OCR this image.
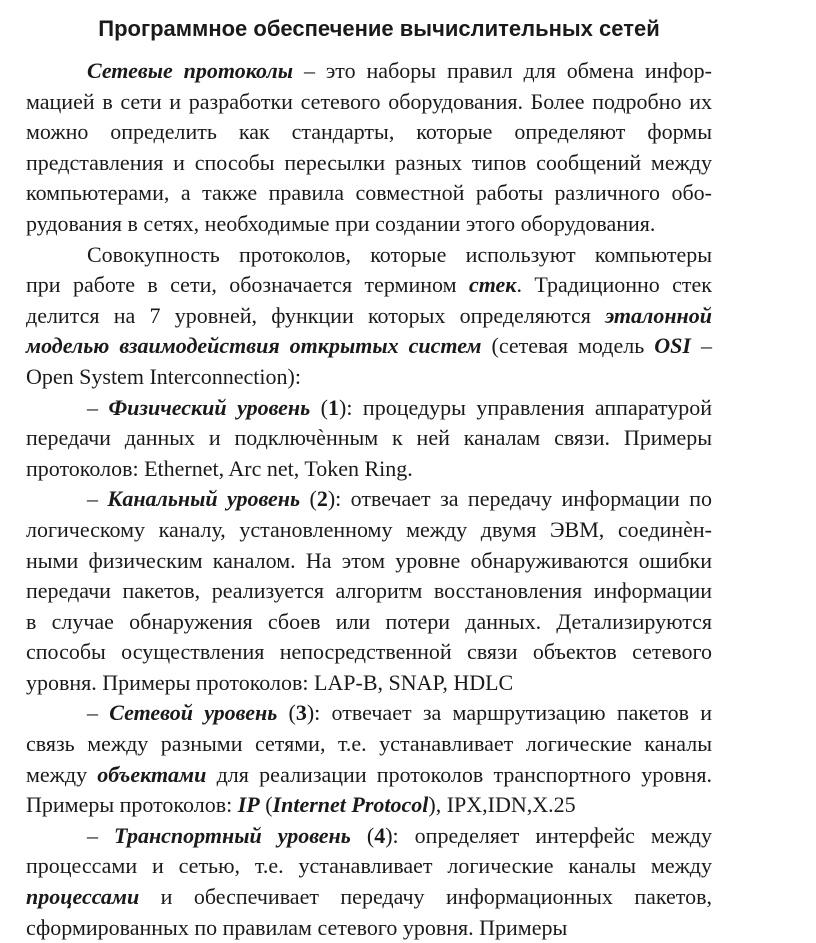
Программное обеспечение вычислительных сетей
Сетевые протоколы – это наборы правил для обмена инфор-
мацией в сети и разработки сетевого оборудования. Более подробно их
можно определить как стандарты, которые определяют формы
представления и способы пересылки разных типов сообщений между
компьютерами, а также правила совместной работы различного обо-
рудования в сетях, необходимые при создании этого оборудования.
Совокупность протоколов, которые используют компьютеры
при работе в сети, обозначается термином стек. Традиционно стек
делится на 7 уровней, функции которых определяются эталонной
моделью взаимодействия открытых систем (сетевая модель OSI –
Open System Interconnection):
– Физический уровень (1): процедуры управления аппаратурой
передачи данных и подключѐнным к ней каналам связи. Примеры
протоколов: Ethernet, Arc net, Token Ring.
– Канальный уровень (2): отвечает за передачу информации по
логическому каналу, установленному между двумя ЭВМ, соединѐн-
ными физическим каналом. На этом уровне обнаруживаются ошибки
передачи пакетов, реализуется алгоритм восстановления информации
в случае обнаружения сбоев или потери данных. Детализируются
способы осуществления непосредственной связи объектов сетевого
уровня. Примеры протоколов: LAP-B, SNAP, HDLC
– Сетевой уровень (3): отвечает за маршрутизацию пакетов и
связь между разными сетями, т.е. устанавливает логические каналы
между объектами для реализации протоколов транспортного уровня.
Примеры протоколов: IP (Internet Protocol), IPX,IDN,X.25
– Транспортный уровень (4): определяет интерфейс между
процессами и сетью, т.е. устанавливает логические каналы между
процессами и обеспечивает передачу информационных пакетов,
сформированных по правилам сетевого уровня. Примеры
